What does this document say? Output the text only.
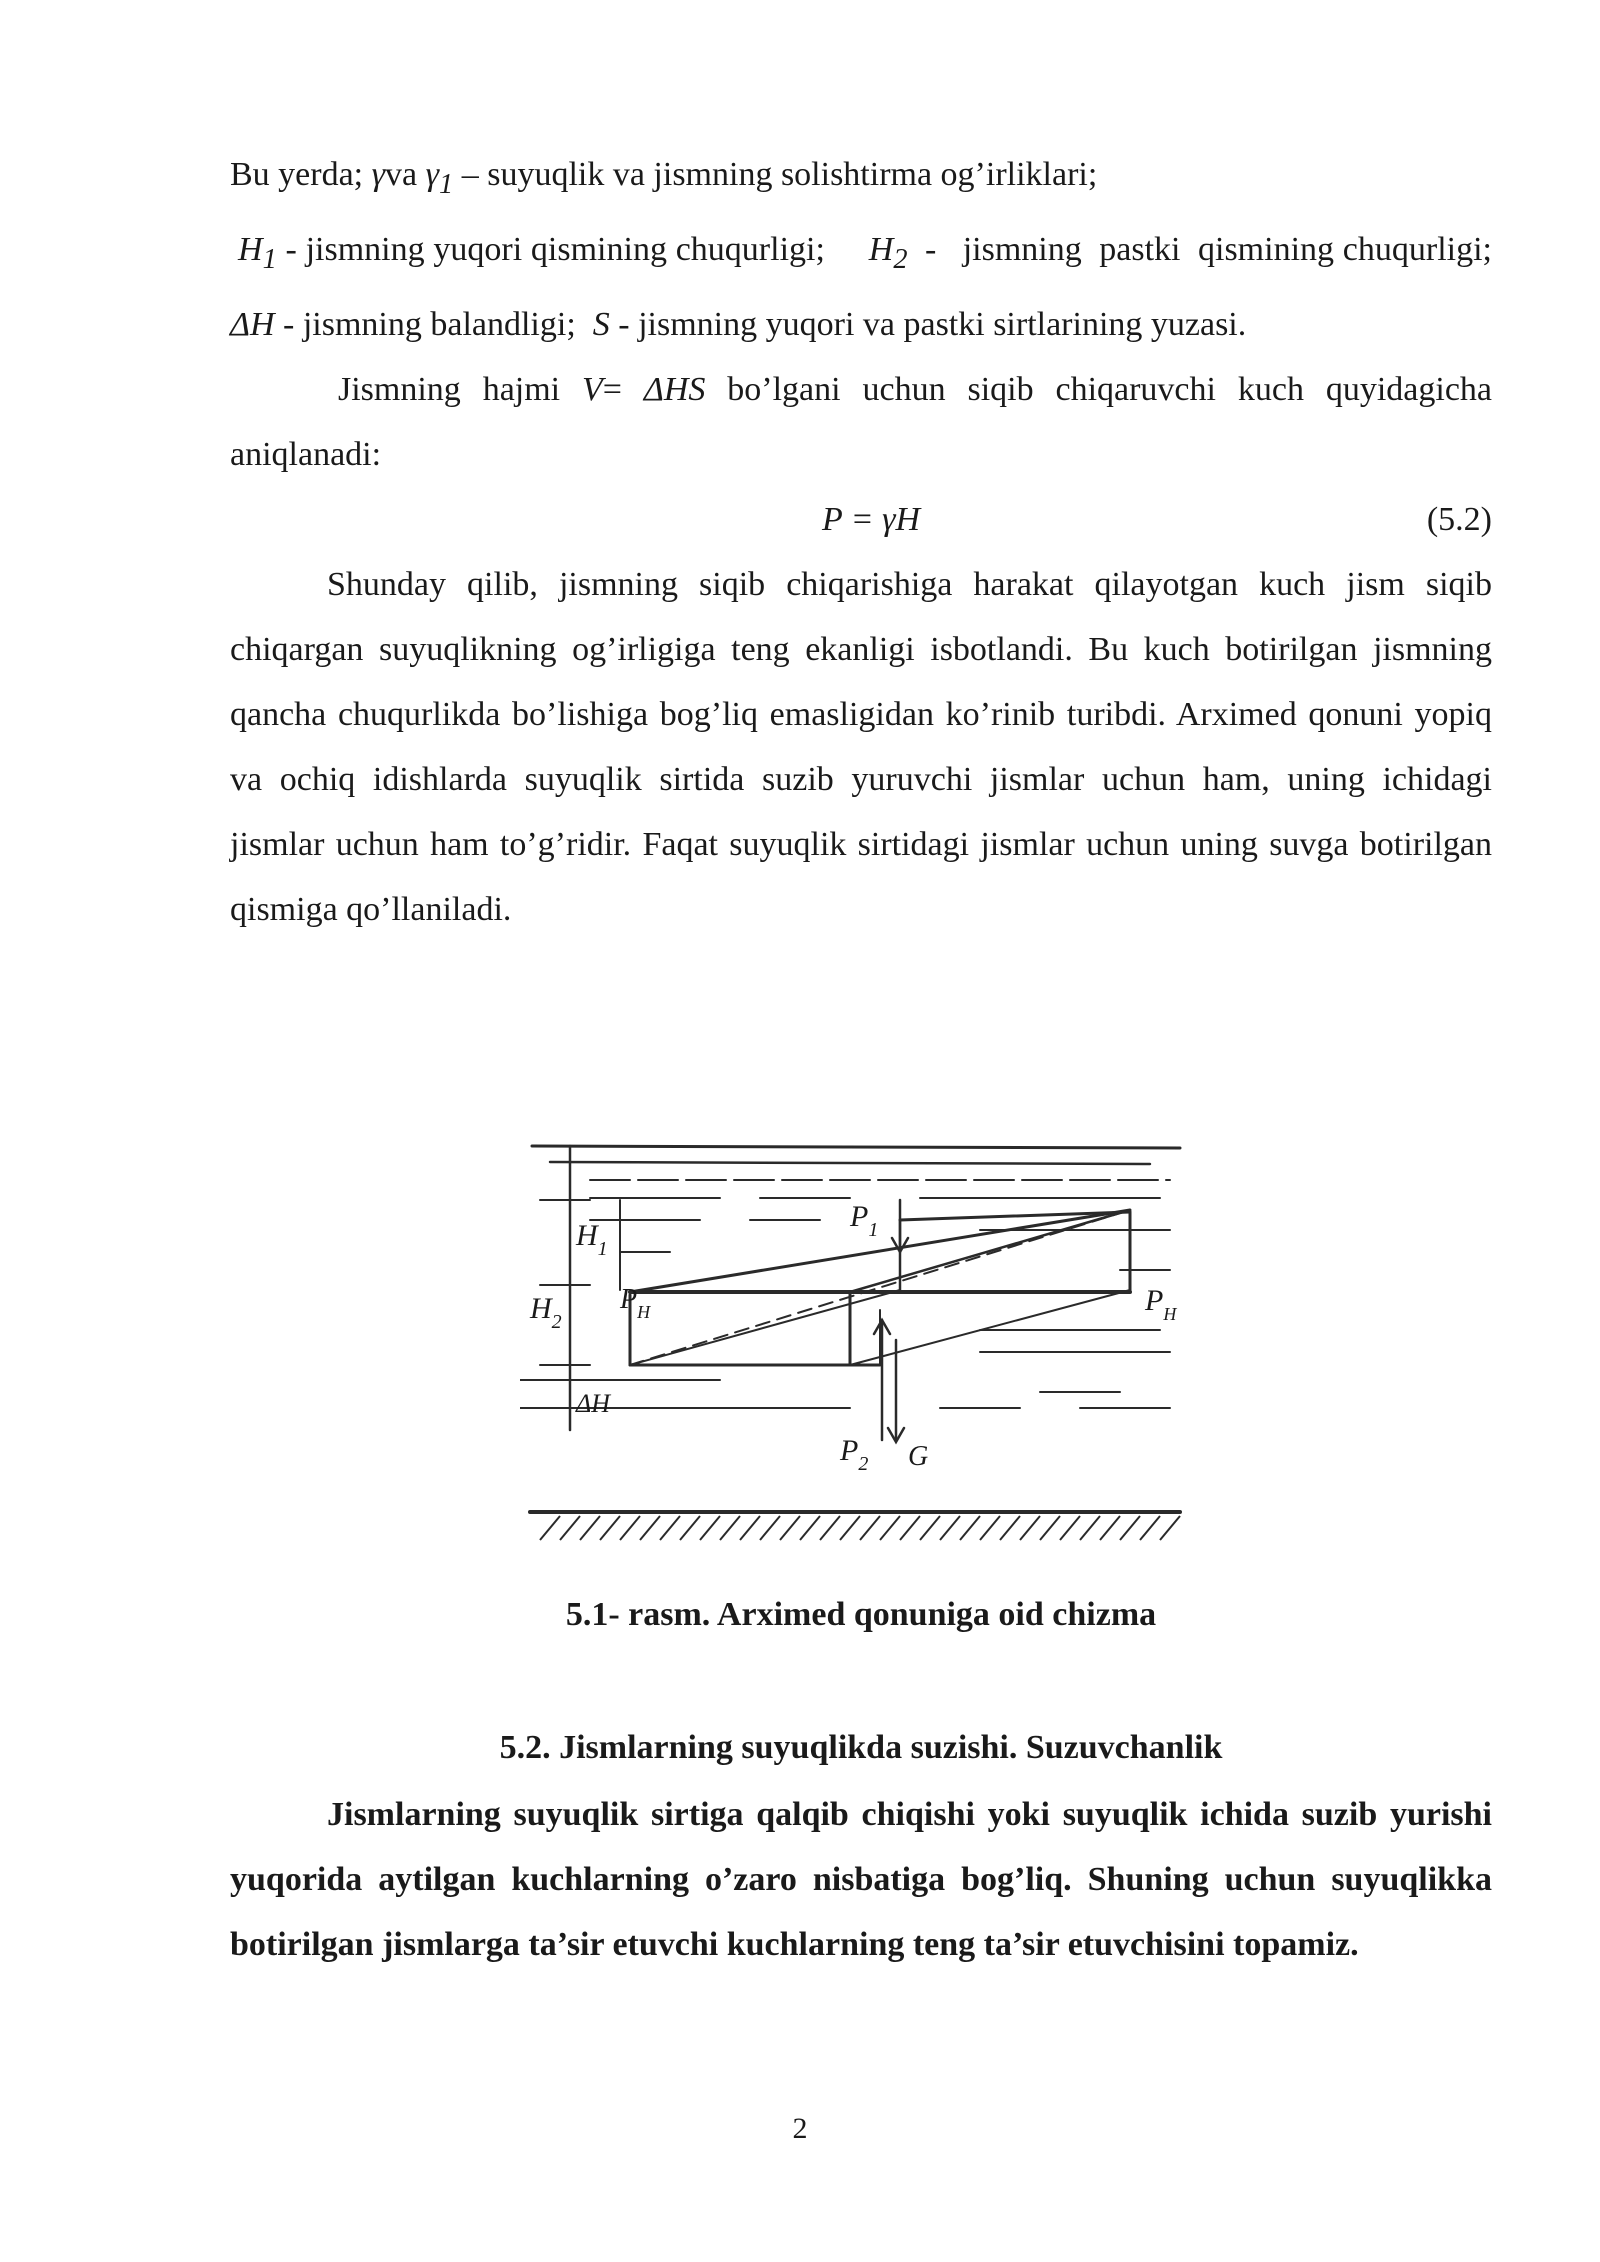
Bu yerda; γva $\gamma_1$ – suyuqlik va jismning solishtirma og’irliklari;

$H_1$ - jismning yuqori qismining chuqurligi;     $H_2$  -   jismning  pastki  qismining chuqurligi;    ΔH - jismning balandligi;  S - jismning yuqori va pastki sirtlarining yuzasi.

Jismning hajmi V= ΔHS bo’lgani uchun siqib chiqaruvchi kuch quyidagicha aniqlanadi:

P = γH	(5.2)

Shunday qilib, jismning siqib chiqarishiga harakat qilayotgan kuch jism siqib chiqargan suyuqlikning og’irligiga teng ekanligi isbotlandi. Bu kuch botirilgan jismning qancha chuqurlikda bo’lishiga bog’liq emasligidan ko’rinib turibdi. Arximed qonuni yopiq va ochiq idishlarda suyuqlik sirtida suzib yuruvchi jismlar uchun ham, uning ichidagi jismlar uchun ham to’g’ridir. Faqat suyuqlik sirtidagi jismlar uchun uning suvga botirilgan qismiga qo’llaniladi.

$H_1$
$H_2$
ΔH
$P_1$
$P_H$	$P_H$
$P_2$ G
5.1- rasm. Arximed qonuniga oid chizma
5.2. Jismlarning suyuqlikda suzishi. Suzuvchanlik

Jismlarning suyuqlik sirtiga qalqib chiqishi yoki suyuqlik ichida suzib yurishi yuqorida aytilgan kuchlarning o’zaro nisbatiga bog’liq. Shuning uchun suyuqlikka botirilgan jismlarga ta’sir etuvchi kuchlarning teng ta’sir etuvchisini topamiz.

2
